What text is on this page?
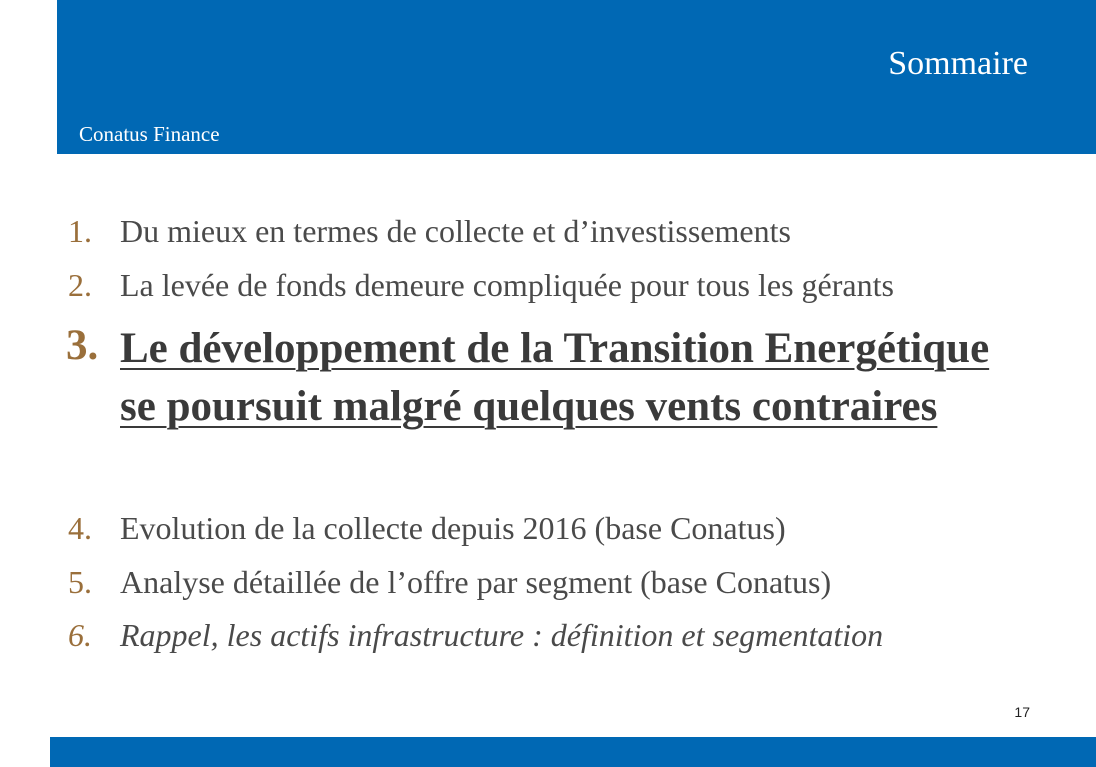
Sommaire
Conatus Finance
1. Du mieux en termes de collecte et d’investissements
2. La levée de fonds demeure compliquée pour tous les gérants
3. Le développement de la Transition Energétique se poursuit malgré quelques vents contraires
4. Evolution de la collecte depuis 2016 (base Conatus)
5. Analyse détaillée de l’offre par segment (base Conatus)
6. Rappel, les actifs infrastructure : définition et segmentation
17
